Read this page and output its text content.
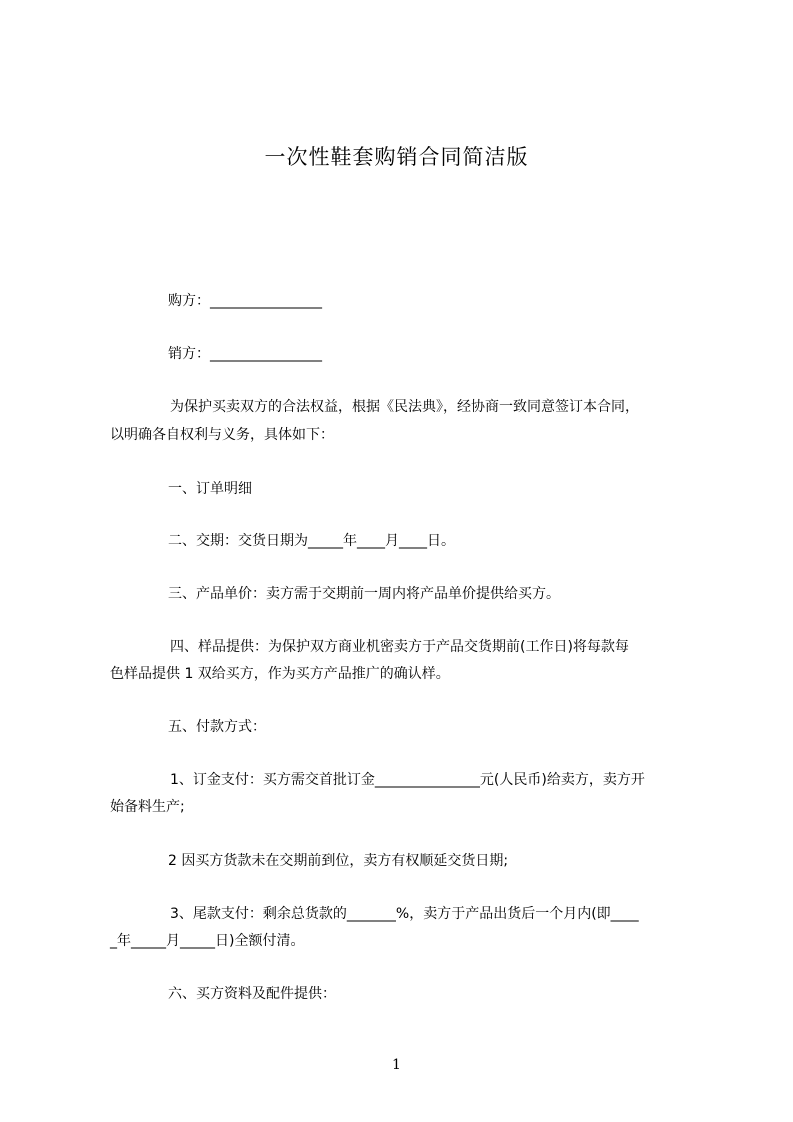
一次性鞋套购销合同简洁版
购方：________________
销方：________________
为保护买卖双方的合法权益，根据《民法典》，经协商一致同意签订本合同，
以明确各自权利与义务，具体如下：
一、订单明细
二、交期：交货日期为_____年____月____日。
三、产品单价：卖方需于交期前一周内将产品单价提供给买方。
四、样品提供：为保护双方商业机密卖方于产品交货期前(工作日)将每款每
色样品提供 1 双给买方，作为买方产品推广的确认样。
五、付款方式：
1、订金支付：买方需交首批订金_______________元(人民币)给卖方，卖方开
始备料生产;
2 因买方货款未在交期前到位，卖方有权顺延交货日期;
3、尾款支付：剩余总货款的_______%，卖方于产品出货后一个月内(即____
_年_____月_____日)全额付清。
六、买方资料及配件提供：
1
